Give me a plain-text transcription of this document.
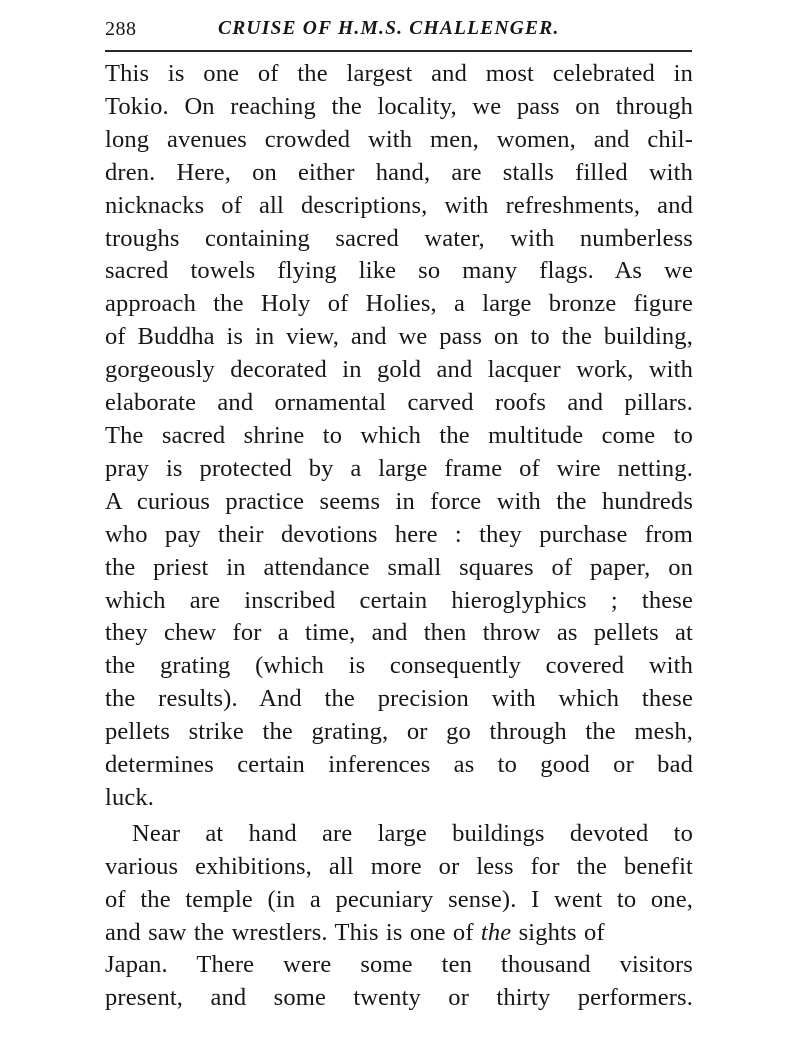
288	CRUISE OF H.M.S. CHALLENGER.

This is one of the largest and most celebrated in
Tokio. On reaching the locality, we pass on through
long avenues crowded with men, women, and chil-
dren. Here, on either hand, are stalls filled with
nicknacks of all descriptions, with refreshments, and
troughs containing sacred water, with numberless
sacred towels flying like so many flags. As we
approach the Holy of Holies, a large bronze figure
of Buddha is in view, and we pass on to the building,
gorgeously decorated in gold and lacquer work, with
elaborate and ornamental carved roofs and pillars.
The sacred shrine to which the multitude come to
pray is protected by a large frame of wire netting.
A curious practice seems in force with the hundreds
who pay their devotions here : they purchase from
the priest in attendance small squares of paper, on
which are inscribed certain hieroglyphics ; these
they chew for a time, and then throw as pellets at
the grating (which is consequently covered with
the results). And the precision with which these
pellets strike the grating, or go through the mesh,
determines certain inferences as to good or bad
luck.

Near at hand are large buildings devoted to
various exhibitions, all more or less for the benefit
of the temple (in a pecuniary sense). I went to one,
and saw the wrestlers. This is one of the sights of
Japan. There were some ten thousand visitors
present, and some twenty or thirty performers.
